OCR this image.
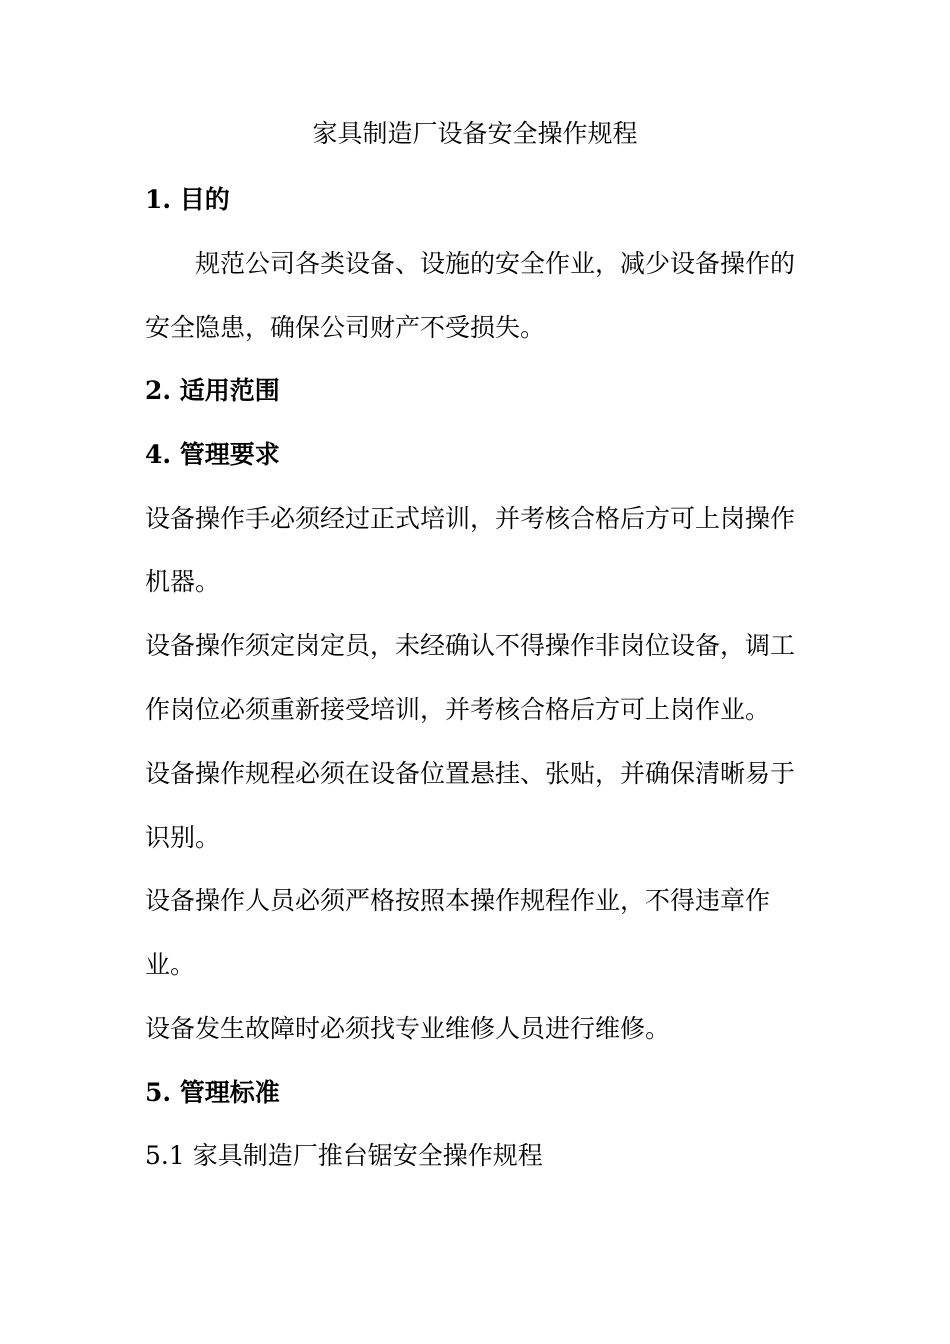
家具制造厂设备安全操作规程
1. 目的
规范公司各类设备、设施的安全作业，减少设备操作的
安全隐患，确保公司财产不受损失。
2. 适用范围
4. 管理要求
设备操作手必须经过正式培训，并考核合格后方可上岗操作
机器。
设备操作须定岗定员，未经确认不得操作非岗位设备，调工
作岗位必须重新接受培训，并考核合格后方可上岗作业。
设备操作规程必须在设备位置悬挂、张贴，并确保清晰易于
识别。
设备操作人员必须严格按照本操作规程作业，不得违章作
业。
设备发生故障时必须找专业维修人员进行维修。
5. 管理标准
5.1 家具制造厂推台锯安全操作规程
